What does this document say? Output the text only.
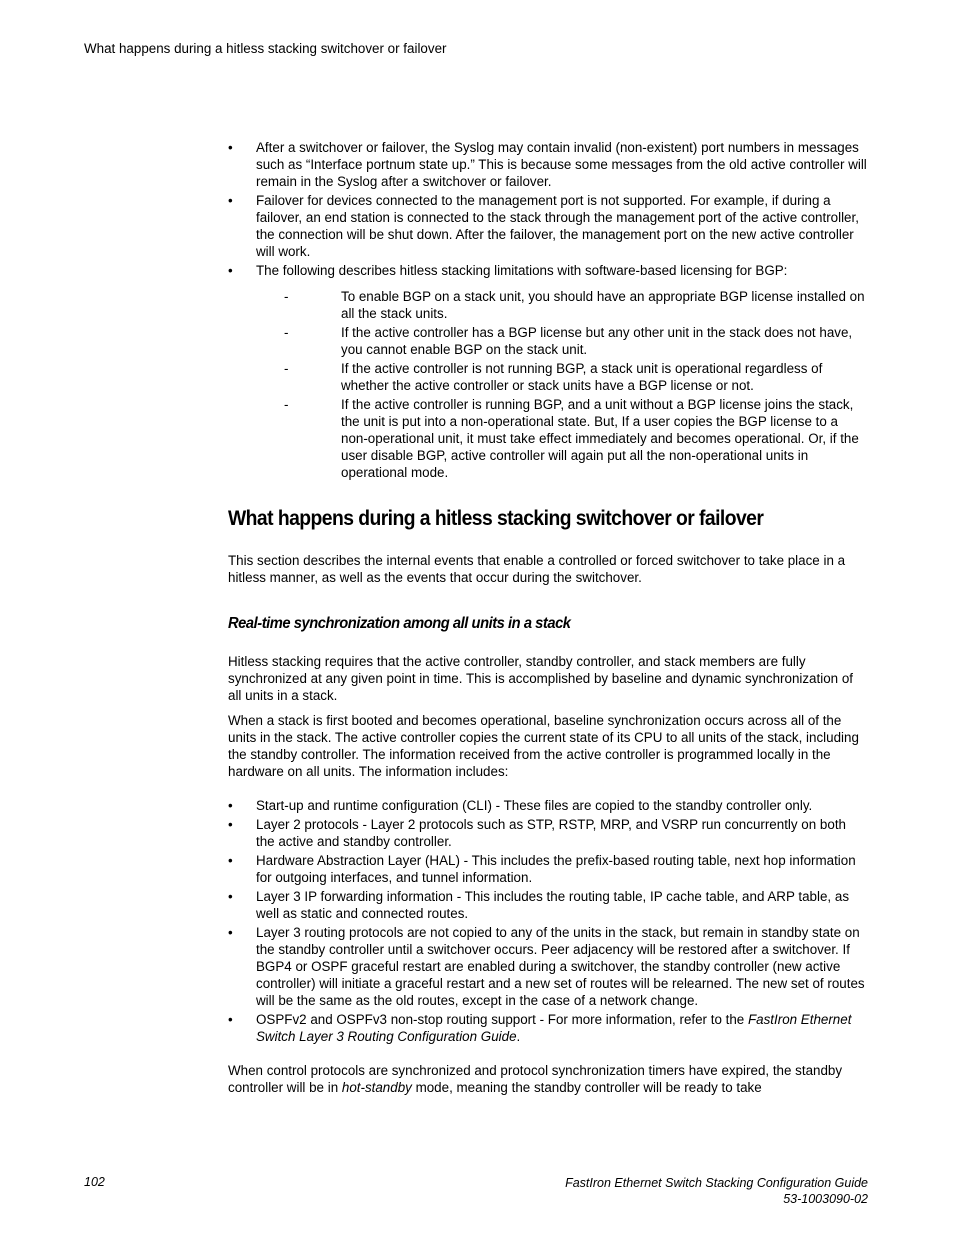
What happens during a hitless stacking switchover or failover
• After a switchover or failover, the Syslog may contain invalid (non-existent) port numbers in messages such as “Interface portnum state up.” This is because some messages from the old active controller will remain in the Syslog after a switchover or failover.
• Failover for devices connected to the management port is not supported. For example, if during a failover, an end station is connected to the stack through the management port of the active controller, the connection will be shut down. After the failover, the management port on the new active controller will work.
• The following describes hitless stacking limitations with software-based licensing for BGP:
- To enable BGP on a stack unit, you should have an appropriate BGP license installed on all the stack units.
- If the active controller has a BGP license but any other unit in the stack does not have, you cannot enable BGP on the stack unit.
- If the active controller is not running BGP, a stack unit is operational regardless of whether the active controller or stack units have a BGP license or not.
- If the active controller is running BGP, and a unit without a BGP license joins the stack, the unit is put into a non-operational state. But, If a user copies the BGP license to a non-operational unit, it must take effect immediately and becomes operational. Or, if the user disable BGP, active controller will again put all the non-operational units in operational mode.
What happens during a hitless stacking switchover or failover

This section describes the internal events that enable a controlled or forced switchover to take place in a hitless manner, as well as the events that occur during the switchover.

Real-time synchronization among all units in a stack

Hitless stacking requires that the active controller, standby controller, and stack members are fully synchronized at any given point in time. This is accomplished by baseline and dynamic synchronization of all units in a stack.

When a stack is first booted and becomes operational, baseline synchronization occurs across all of the units in the stack. The active controller copies the current state of its CPU to all units of the stack, including the standby controller. The information received from the active controller is programmed locally in the hardware on all units. The information includes:

• Start-up and runtime configuration (CLI) - These files are copied to the standby controller only.
• Layer 2 protocols - Layer 2 protocols such as STP, RSTP, MRP, and VSRP run concurrently on both the active and standby controller.
• Hardware Abstraction Layer (HAL) - This includes the prefix-based routing table, next hop information for outgoing interfaces, and tunnel information.
• Layer 3 IP forwarding information - This includes the routing table, IP cache table, and ARP table, as well as static and connected routes.
• Layer 3 routing protocols are not copied to any of the units in the stack, but remain in standby state on the standby controller until a switchover occurs. Peer adjacency will be restored after a switchover. If BGP4 or OSPF graceful restart are enabled during a switchover, the standby controller (new active controller) will initiate a graceful restart and a new set of routes will be relearned. The new set of routes will be the same as the old routes, except in the case of a network change.
• OSPFv2 and OSPFv3 non-stop routing support - For more information, refer to the FastIron Ethernet Switch Layer 3 Routing Configuration Guide.

When control protocols are synchronized and protocol synchronization timers have expired, the standby controller will be in hot-standby mode, meaning the standby controller will be ready to take

102	FastIron Ethernet Switch Stacking Configuration Guide
53-1003090-02
